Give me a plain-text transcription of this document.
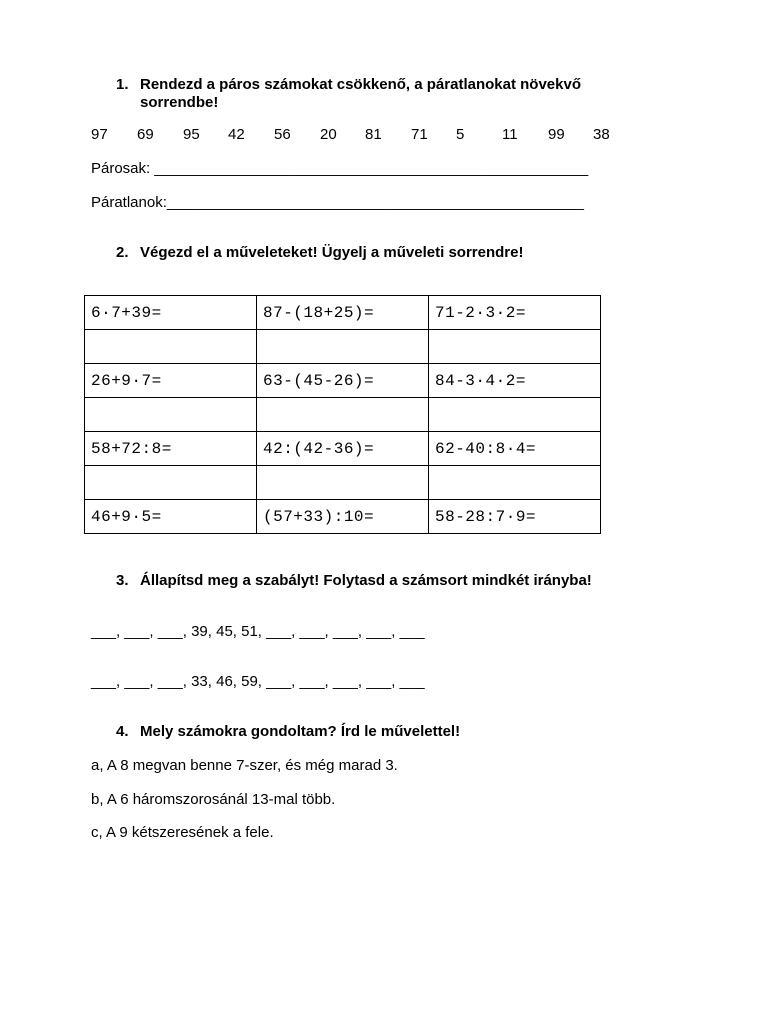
1. Rendezd a páros számokat csökkenő, a páratlanokat növekvő sorrendbe!
97 69 95 42 56 20 81 71 5	11 99 38
Párosak: ____________________________________________________
Páratlanok:__________________________________________________
2. Végezd el a műveleteket! Ügyelj a műveleti sorrendre!
6·7+39=	87-(18+25)=	71-2·3·2=

26+9·7=	63-(45-26)=	84-3·4·2=

58+72:8=	42:(42-36)=	62-40:8·4=

46+9·5=	(57+33):10=	58-28:7·9=
3. Állapítsd meg a szabályt! Folytasd a számsort mindkét irányba!
___, ___, ___, 39, 45, 51, ___, ___, ___, ___, ___
___, ___, ___, 33, 46, 59, ___, ___, ___, ___, ___
4. Mely számokra gondoltam? Írd le művelettel!
a, A 8 megvan benne 7-szer, és még marad 3.
b, A 6 háromszorosánál 13-mal több.
c, A 9 kétszeresének a fele.
